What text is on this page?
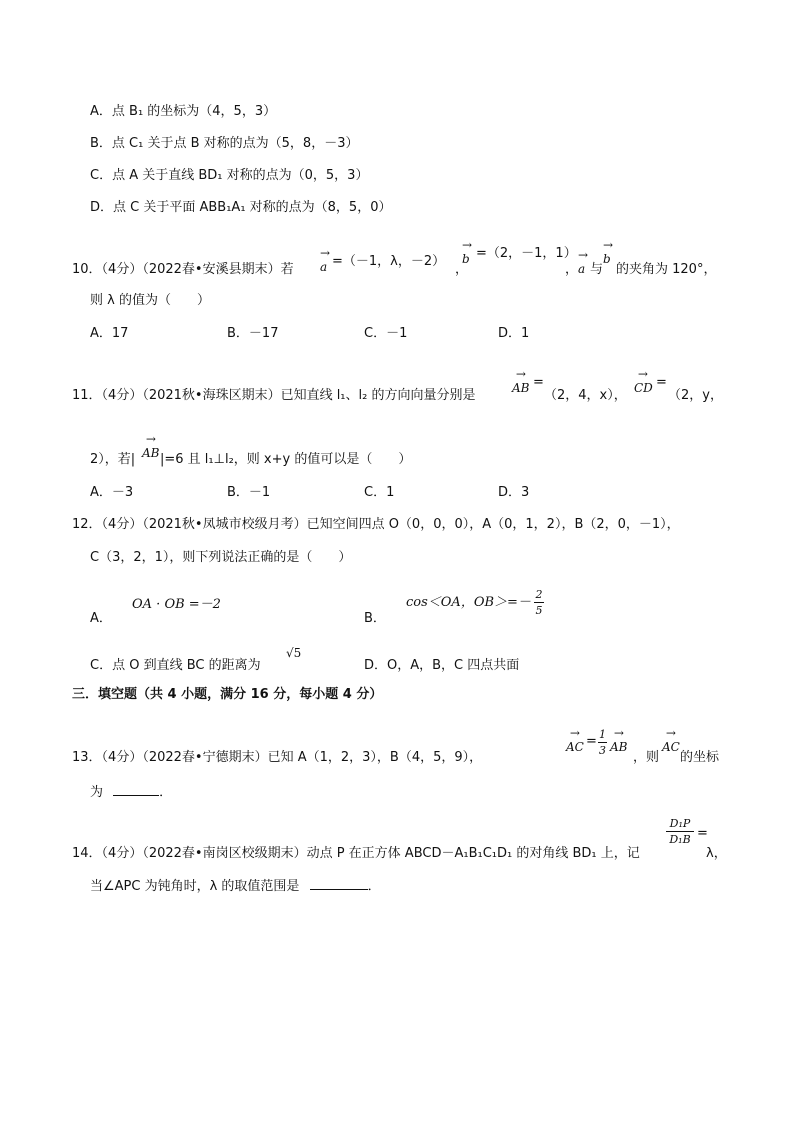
A．点 B₁ 的坐标为（4，5，3）
B．点 C₁ 关于点 B 对称的点为（5，8，－3）
C．点 A 关于直线 BD₁ 对称的点为（0，5，3）
D．点 C 关于平面 ABB₁A₁ 对称的点为（8，5，0）
10．（4分）（2022春•安溪县期末）若
→
a =（－1，λ，－2）
，
→
b =（2，－1，1）
，
→
a 与
→
b
的夹角为 120°，
则 λ 的值为（　　）
A．17	B．－17	C．－1	D．1
11．（4分）（2021秋•海珠区期末）已知直线 l₁、l₂ 的方向向量分别是
→
AB =
（2，4，x），
→
CD =
（2，y，
2），若|
→
AB |=6 且 l₁⊥l₂，则 x+y 的值可以是（　　）
A．－3	B．－1	C．1	D．3
12．（4分）（2021秋•凤城市校级月考）已知空间四点 O（0，0，0），A（0，1，2），B（2，0，－1），
C（3，2，1），则下列说法正确的是（　　）
A．
OA · OB =－2
B．
cos＜OA，OB＞=－
2
5
C．点 O 到直线 BC 的距离为
√5
D．O，A，B，C 四点共面
三．填空题（共 4 小题，满分 16 分，每小题 4 分）
13．（4分）（2022春•宁德期末）已知 A（1，2，3），B（4，5，9），
→
AC = 1
3
→
AB
，则
→
AC
的坐标
为	．
14．（4分）（2022春•南岗区校级期末）动点 P 在正方体 ABCD－A₁B₁C₁D₁ 的对角线 BD₁ 上，记
D₁P
D₁B =
λ，
当∠APC 为钝角时，λ 的取值范围是	．
